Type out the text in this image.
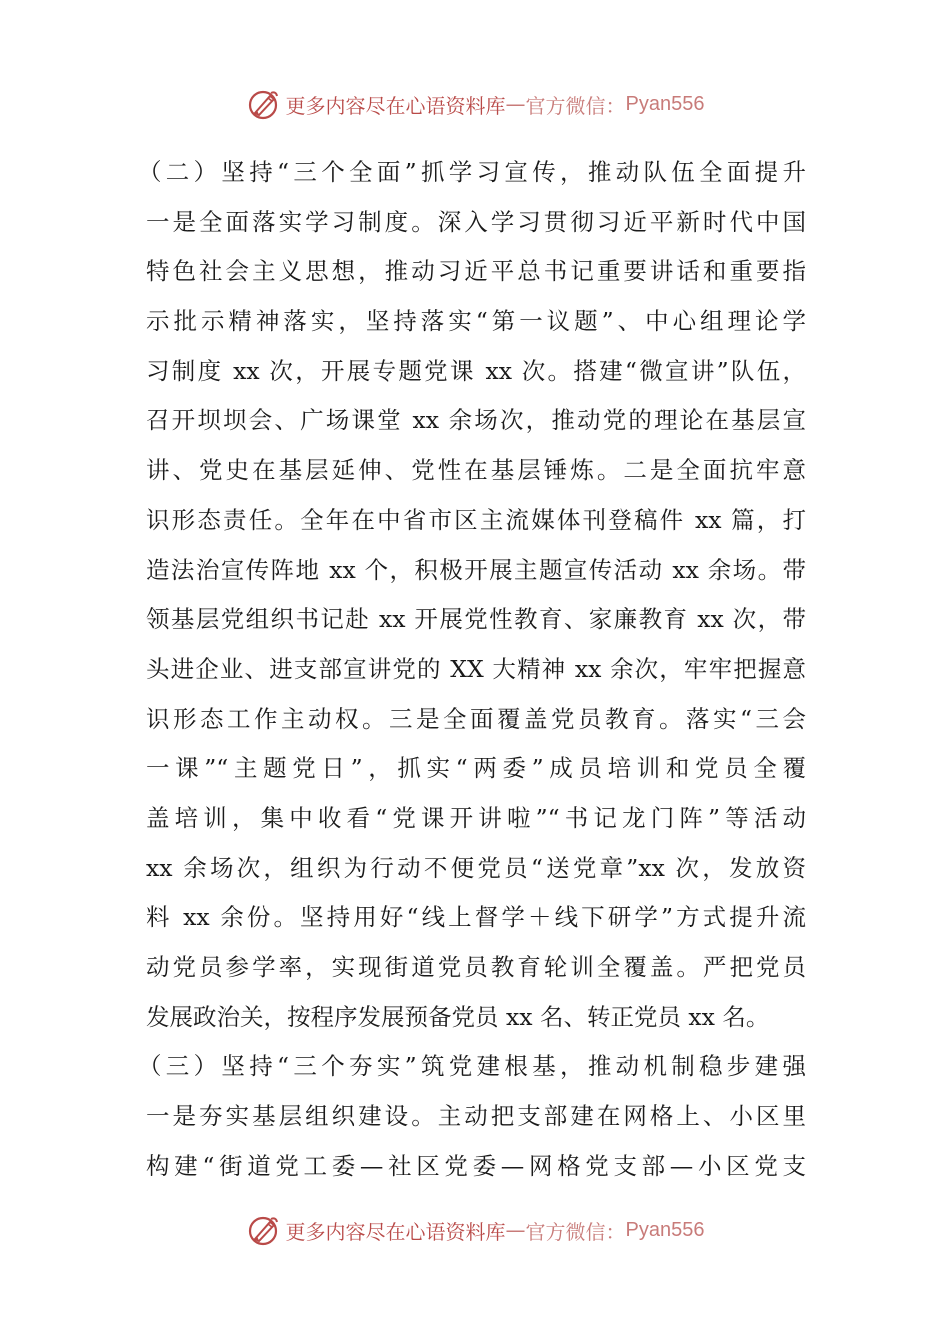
更多内容尽在心语资料库 — 官方微信： Pyan556
（二）坚持“三个全面”抓学习宣传，推动队伍全面提升
一是全面落实学习制度。深入学习贯彻习近平新时代中国
特色社会主义思想，推动习近平总书记重要讲话和重要指
示批示精神落实，坚持落实“第一议题”、中心组理论学
习制度 xx 次，开展专题党课 xx 次。搭建“微宣讲”队伍，
召开坝坝会、广场课堂 xx 余场次，推动党的理论在基层宣
讲、党史在基层延伸、党性在基层锤炼。二是全面抗牢意
识形态责任。全年在中省市区主流媒体刊登稿件 xx 篇，打
造法治宣传阵地 xx 个，积极开展主题宣传活动 xx 余场。带
领基层党组织书记赴 xx 开展党性教育、家廉教育 xx 次，带
头进企业、进支部宣讲党的 XX 大精神 xx 余次，牢牢把握意
识形态工作主动权。三是全面覆盖党员教育。落实“三会
一课”“主题党日”，抓实“两委”成员培训和党员全覆
盖培训，集中收看“党课开讲啦”“书记龙门阵”等活动
xx 余场次，组织为行动不便党员“送党章”xx 次，发放资
料 xx 余份。坚持用好“线上督学＋线下研学”方式提升流
动党员参学率，实现街道党员教育轮训全覆盖。严把党员
发展政治关，按程序发展预备党员 xx 名、转正党员 xx 名。
（三）坚持“三个夯实”筑党建根基，推动机制稳步建强
一是夯实基层组织建设。主动把支部建在网格上、小区里
构建“街道党工委—社区党委—网格党支部—小区党支
更多内容尽在心语资料库 — 官方微信： Pyan556
